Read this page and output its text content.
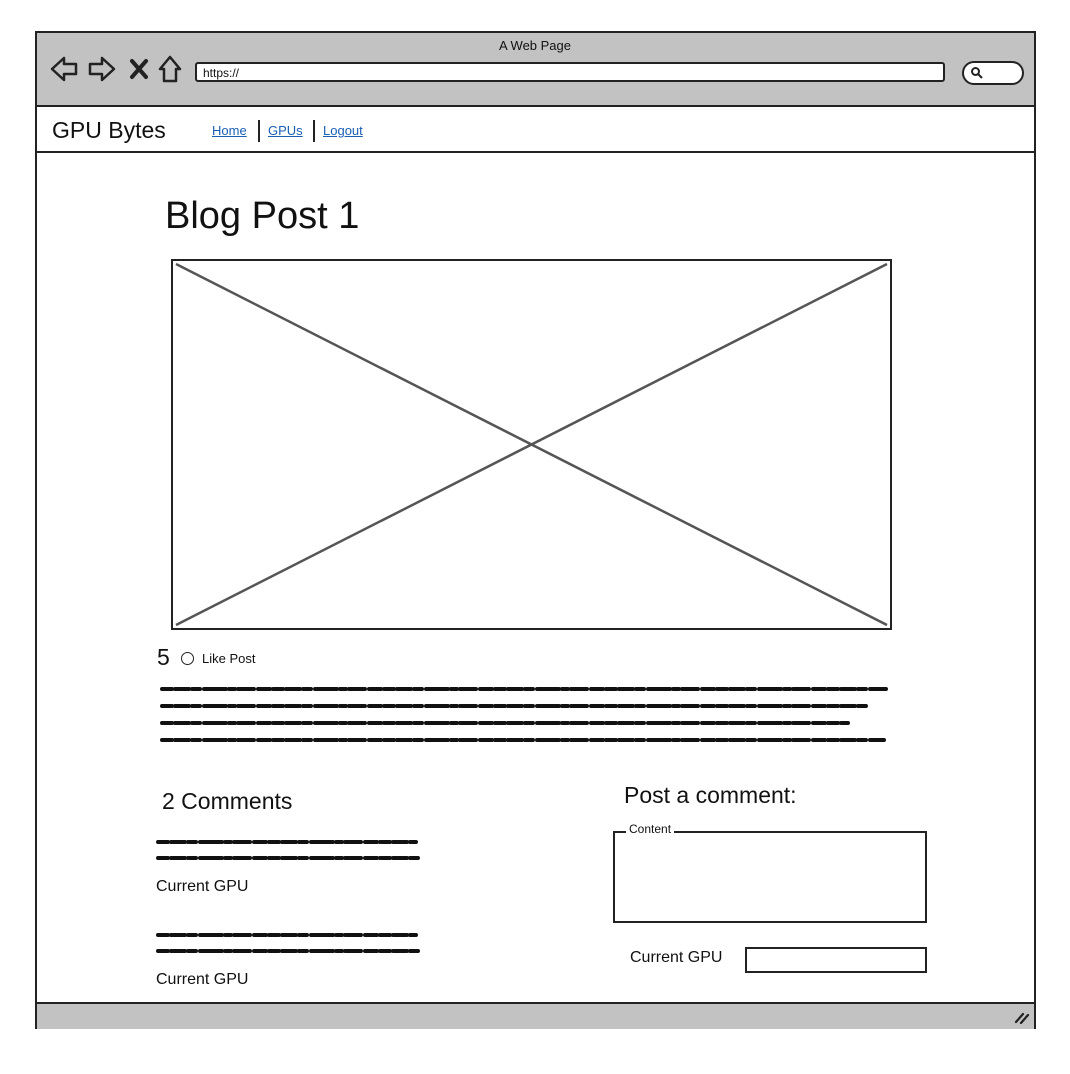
A Web Page
https://
GPU Bytes	Home GPUs Logout
Blog Post 1
5 Like Post
2 Comments
Current GPU
Current GPU
Post a comment:
Content
Current GPU
